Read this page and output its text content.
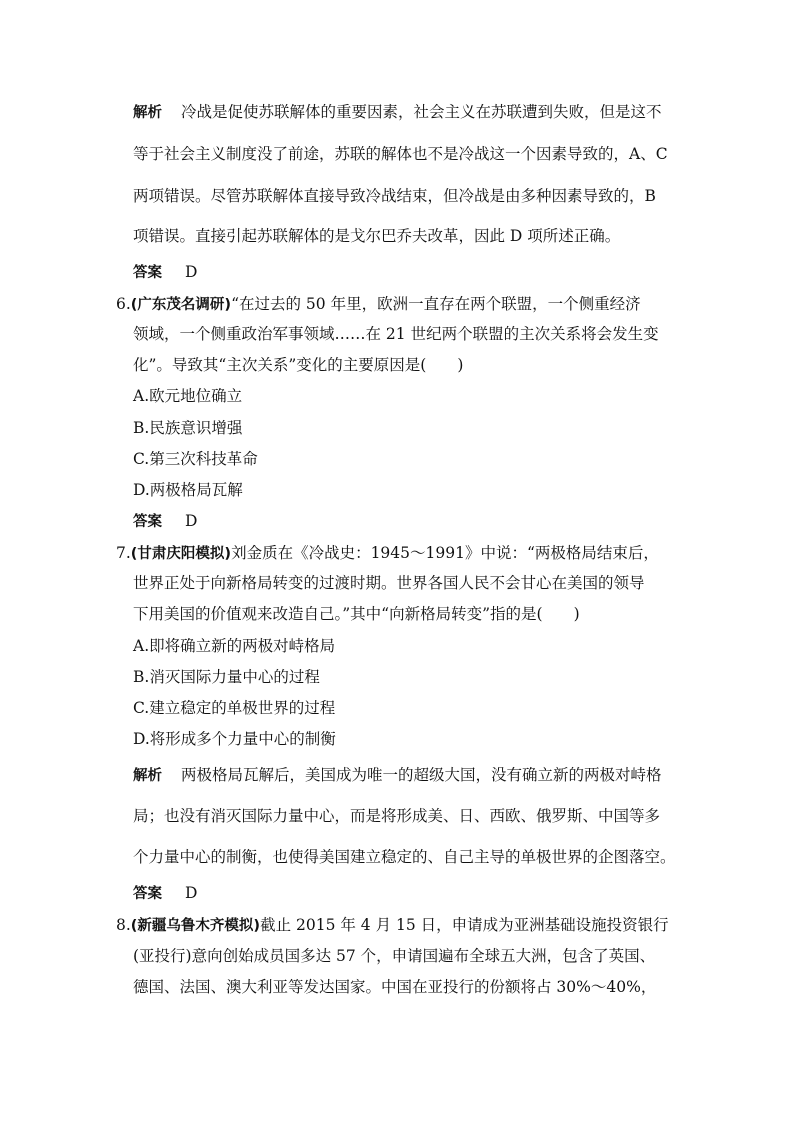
解析 冷战是促使苏联解体的重要因素，社会主义在苏联遭到失败，但是这不
等于社会主义制度没了前途，苏联的解体也不是冷战这一个因素导致的，A、C
两项错误。尽管苏联解体直接导致冷战结束，但冷战是由多种因素导致的，B
项错误。直接引起苏联解体的是戈尔巴乔夫改革，因此 D 项所述正确。
答案 D
6.(广东茂名调研)“在过去的 50 年里，欧洲一直存在两个联盟，一个侧重经济
领域，一个侧重政治军事领域……在 21 世纪两个联盟的主次关系将会发生变
化”。导致其“主次关系”变化的主要原因是(　　)
A.欧元地位确立
B.民族意识增强
C.第三次科技革命
D.两极格局瓦解
答案 D
7.(甘肃庆阳模拟)刘金质在《冷战史：1945～1991》中说：“两极格局结束后，
世界正处于向新格局转变的过渡时期。世界各国人民不会甘心在美国的领导
下用美国的价值观来改造自己。”其中“向新格局转变”指的是(　　)
A.即将确立新的两极对峙格局
B.消灭国际力量中心的过程
C.建立稳定的单极世界的过程
D.将形成多个力量中心的制衡
解析 两极格局瓦解后，美国成为唯一的超级大国，没有确立新的两极对峙格
局；也没有消灭国际力量中心，而是将形成美、日、西欧、俄罗斯、中国等多
个力量中心的制衡，也使得美国建立稳定的、自己主导的单极世界的企图落空。
答案 D
8.(新疆乌鲁木齐模拟)截止 2015 年 4 月 15 日，申请成为亚洲基础设施投资银行
(亚投行)意向创始成员国多达 57 个，申请国遍布全球五大洲，包含了英国、
德国、法国、澳大利亚等发达国家。中国在亚投行的份额将占 30%～40%，
